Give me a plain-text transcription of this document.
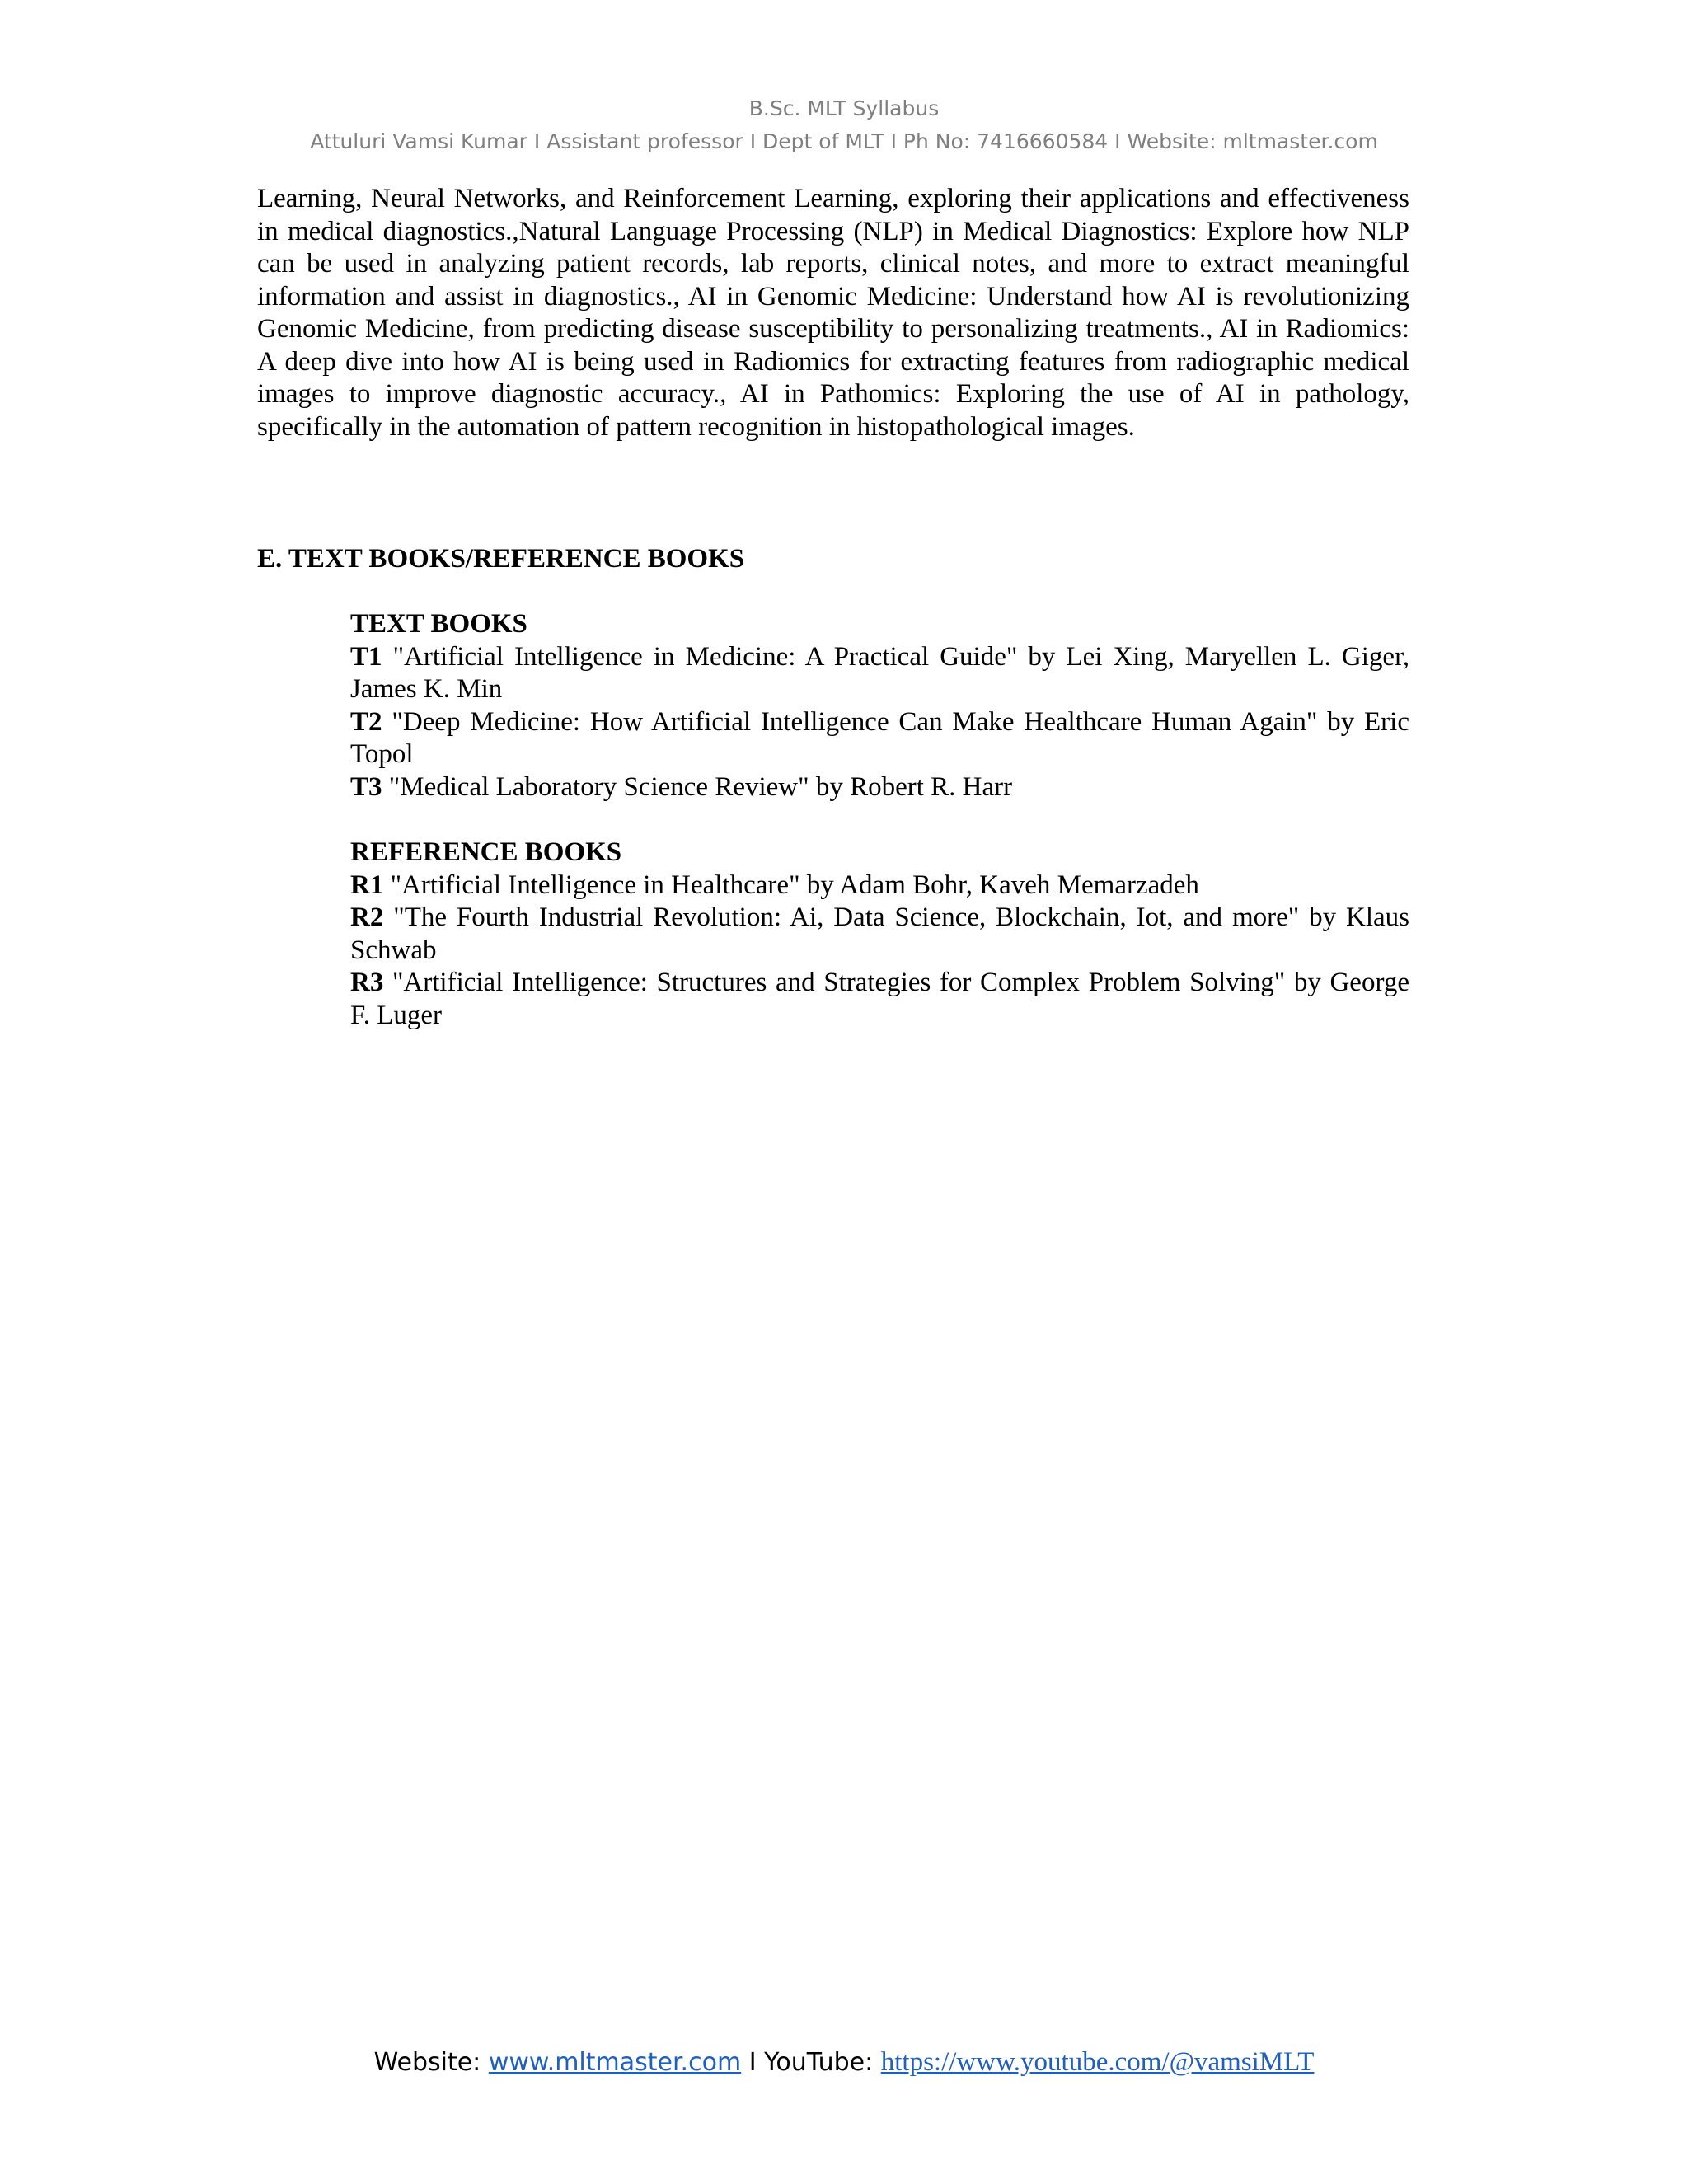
B.Sc. MLT Syllabus
Attuluri Vamsi Kumar I Assistant professor I Dept of MLT I Ph No: 7416660584 I Website: mltmaster.com
Learning, Neural Networks, and Reinforcement Learning, exploring their applications and effectiveness in medical diagnostics.,Natural Language Processing (NLP) in Medical Diagnostics: Explore how NLP can be used in analyzing patient records, lab reports, clinical notes, and more to extract meaningful information and assist in diagnostics., AI in Genomic Medicine: Understand how AI is revolutionizing Genomic Medicine, from predicting disease susceptibility to personalizing treatments., AI in Radiomics: A deep dive into how AI is being used in Radiomics for extracting features from radiographic medical images to improve diagnostic accuracy., AI in Pathomics: Exploring the use of AI in pathology, specifically in the automation of pattern recognition in histopathological images.
E. TEXT BOOKS/REFERENCE BOOKS
TEXT BOOKS
T1 "Artificial Intelligence in Medicine: A Practical Guide" by Lei Xing, Maryellen L. Giger, James K. Min
T2 "Deep Medicine: How Artificial Intelligence Can Make Healthcare Human Again" by Eric Topol
T3 "Medical Laboratory Science Review" by Robert R. Harr
REFERENCE BOOKS
R1 "Artificial Intelligence in Healthcare" by Adam Bohr, Kaveh Memarzadeh
R2 "The Fourth Industrial Revolution: Ai, Data Science, Blockchain, Iot, and more" by Klaus Schwab
R3 "Artificial Intelligence: Structures and Strategies for Complex Problem Solving" by George F. Luger
Website: www.mltmaster.com I YouTube: https://www.youtube.com/@vamsiMLT
